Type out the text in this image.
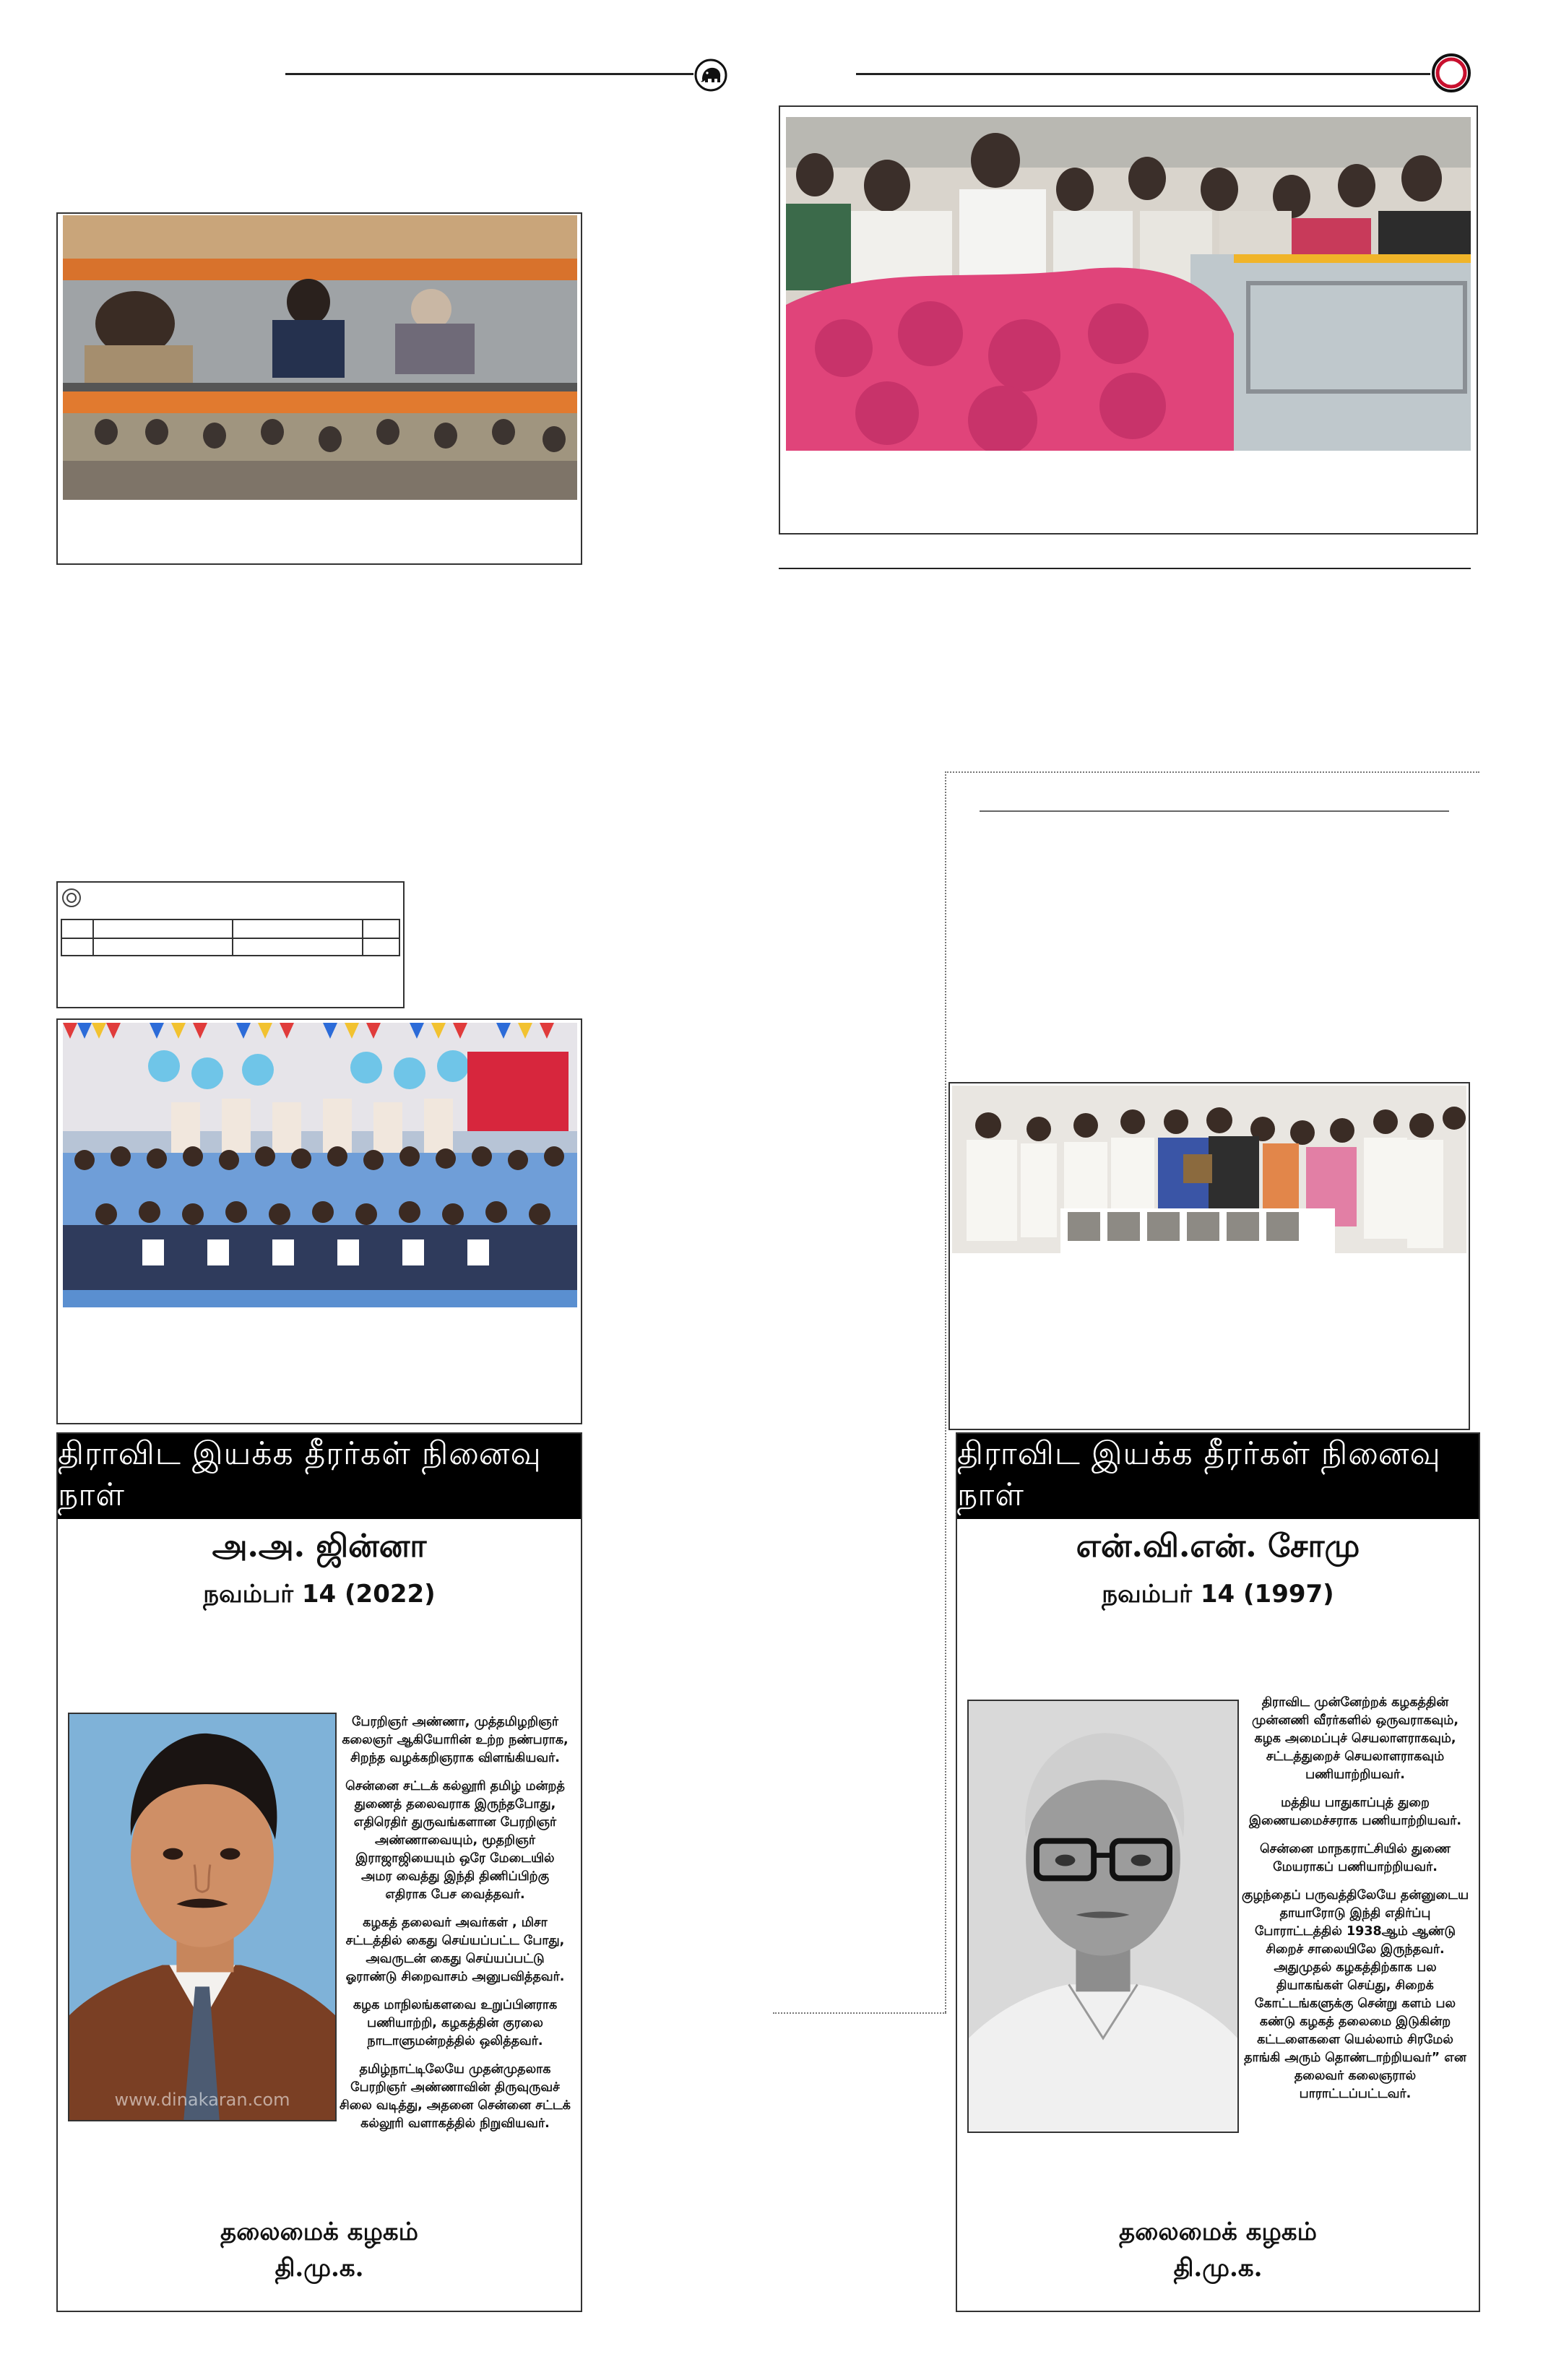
திராவிட இயக்க தீரர்கள் நினைவு நாள்
அ.அ. ஜின்னா
நவம்பர் 14 (2022)
www.dinakaran.com

பேரறிஞர் அண்ணா, முத்தமிழறிஞர் கலைஞர் ஆகியோரின் உற்ற நண்பராக, சிறந்த வழக்கறிஞராக விளங்கியவர்.

சென்னை சட்டக் கல்லூரி தமிழ் மன்றத் துணைத் தலைவராக இருந்தபோது, எதிரெதிர் துருவங்களான பேரறிஞர் அண்ணாவையும், மூதறிஞர் இராஜாஜியையும் ஒரே மேடையில் அமர வைத்து இந்தி திணிப்பிற்கு எதிராக பேச வைத்தவர்.

கழகத் தலைவர் அவர்கள் , மிசா சட்டத்தில் கைது செய்யப்பட்ட போது, அவருடன் கைது செய்யப்பட்டு ஓராண்டு சிறைவாசம் அனுபவித்தவர்.

கழக மாநிலங்களவை உறுப்பினராக பணியாற்றி, கழகத்தின் குரலை நாடாளுமன்றத்தில் ஒலித்தவர்.

தமிழ்நாட்டிலேயே முதன்முதலாக பேரறிஞர் அண்ணாவின் திருவுருவச் சிலை வடித்து, அதனை சென்னை சட்டக் கல்லூரி வளாகத்தில் நிறுவியவர்.

தலைமைக் கழகம்
தி.மு.க.
திராவிட இயக்க தீரர்கள் நினைவு நாள்
என்.வி.என். சோமு
நவம்பர் 14 (1997)

திராவிட முன்னேற்றக் கழகத்தின் முன்னணி வீரர்களில் ஒருவராகவும், கழக அமைப்புச் செயலாளராகவும், சட்டத்துறைச் செயலாளராகவும் பணியாற்றியவர்.

மத்திய பாதுகாப்புத் துறை இணையமைச்சராக பணியாற்றியவர்.

சென்னை மாநகராட்சியில் துணை மேயராகப் பணியாற்றியவர்.

குழந்தைப் பருவத்திலேயே தன்னுடைய தாயாரோடு இந்தி எதிர்ப்பு போராட்டத்தில் 1938ஆம் ஆண்டு சிறைச் சாலையிலே இருந்தவர். அதுமுதல் கழகத்திற்காக பல தியாகங்கள் செய்து, சிறைக் கோட்டங்களுக்கு சென்று களம் பல கண்டு கழகத் தலைமை இடுகின்ற கட்டளைகளை யெல்லாம் சிரமேல் தாங்கி அரும் தொண்டாற்றியவர்” என தலைவர் கலைஞரால் பாராட்டப்பட்டவர்.

தலைமைக் கழகம்
தி.மு.க.
